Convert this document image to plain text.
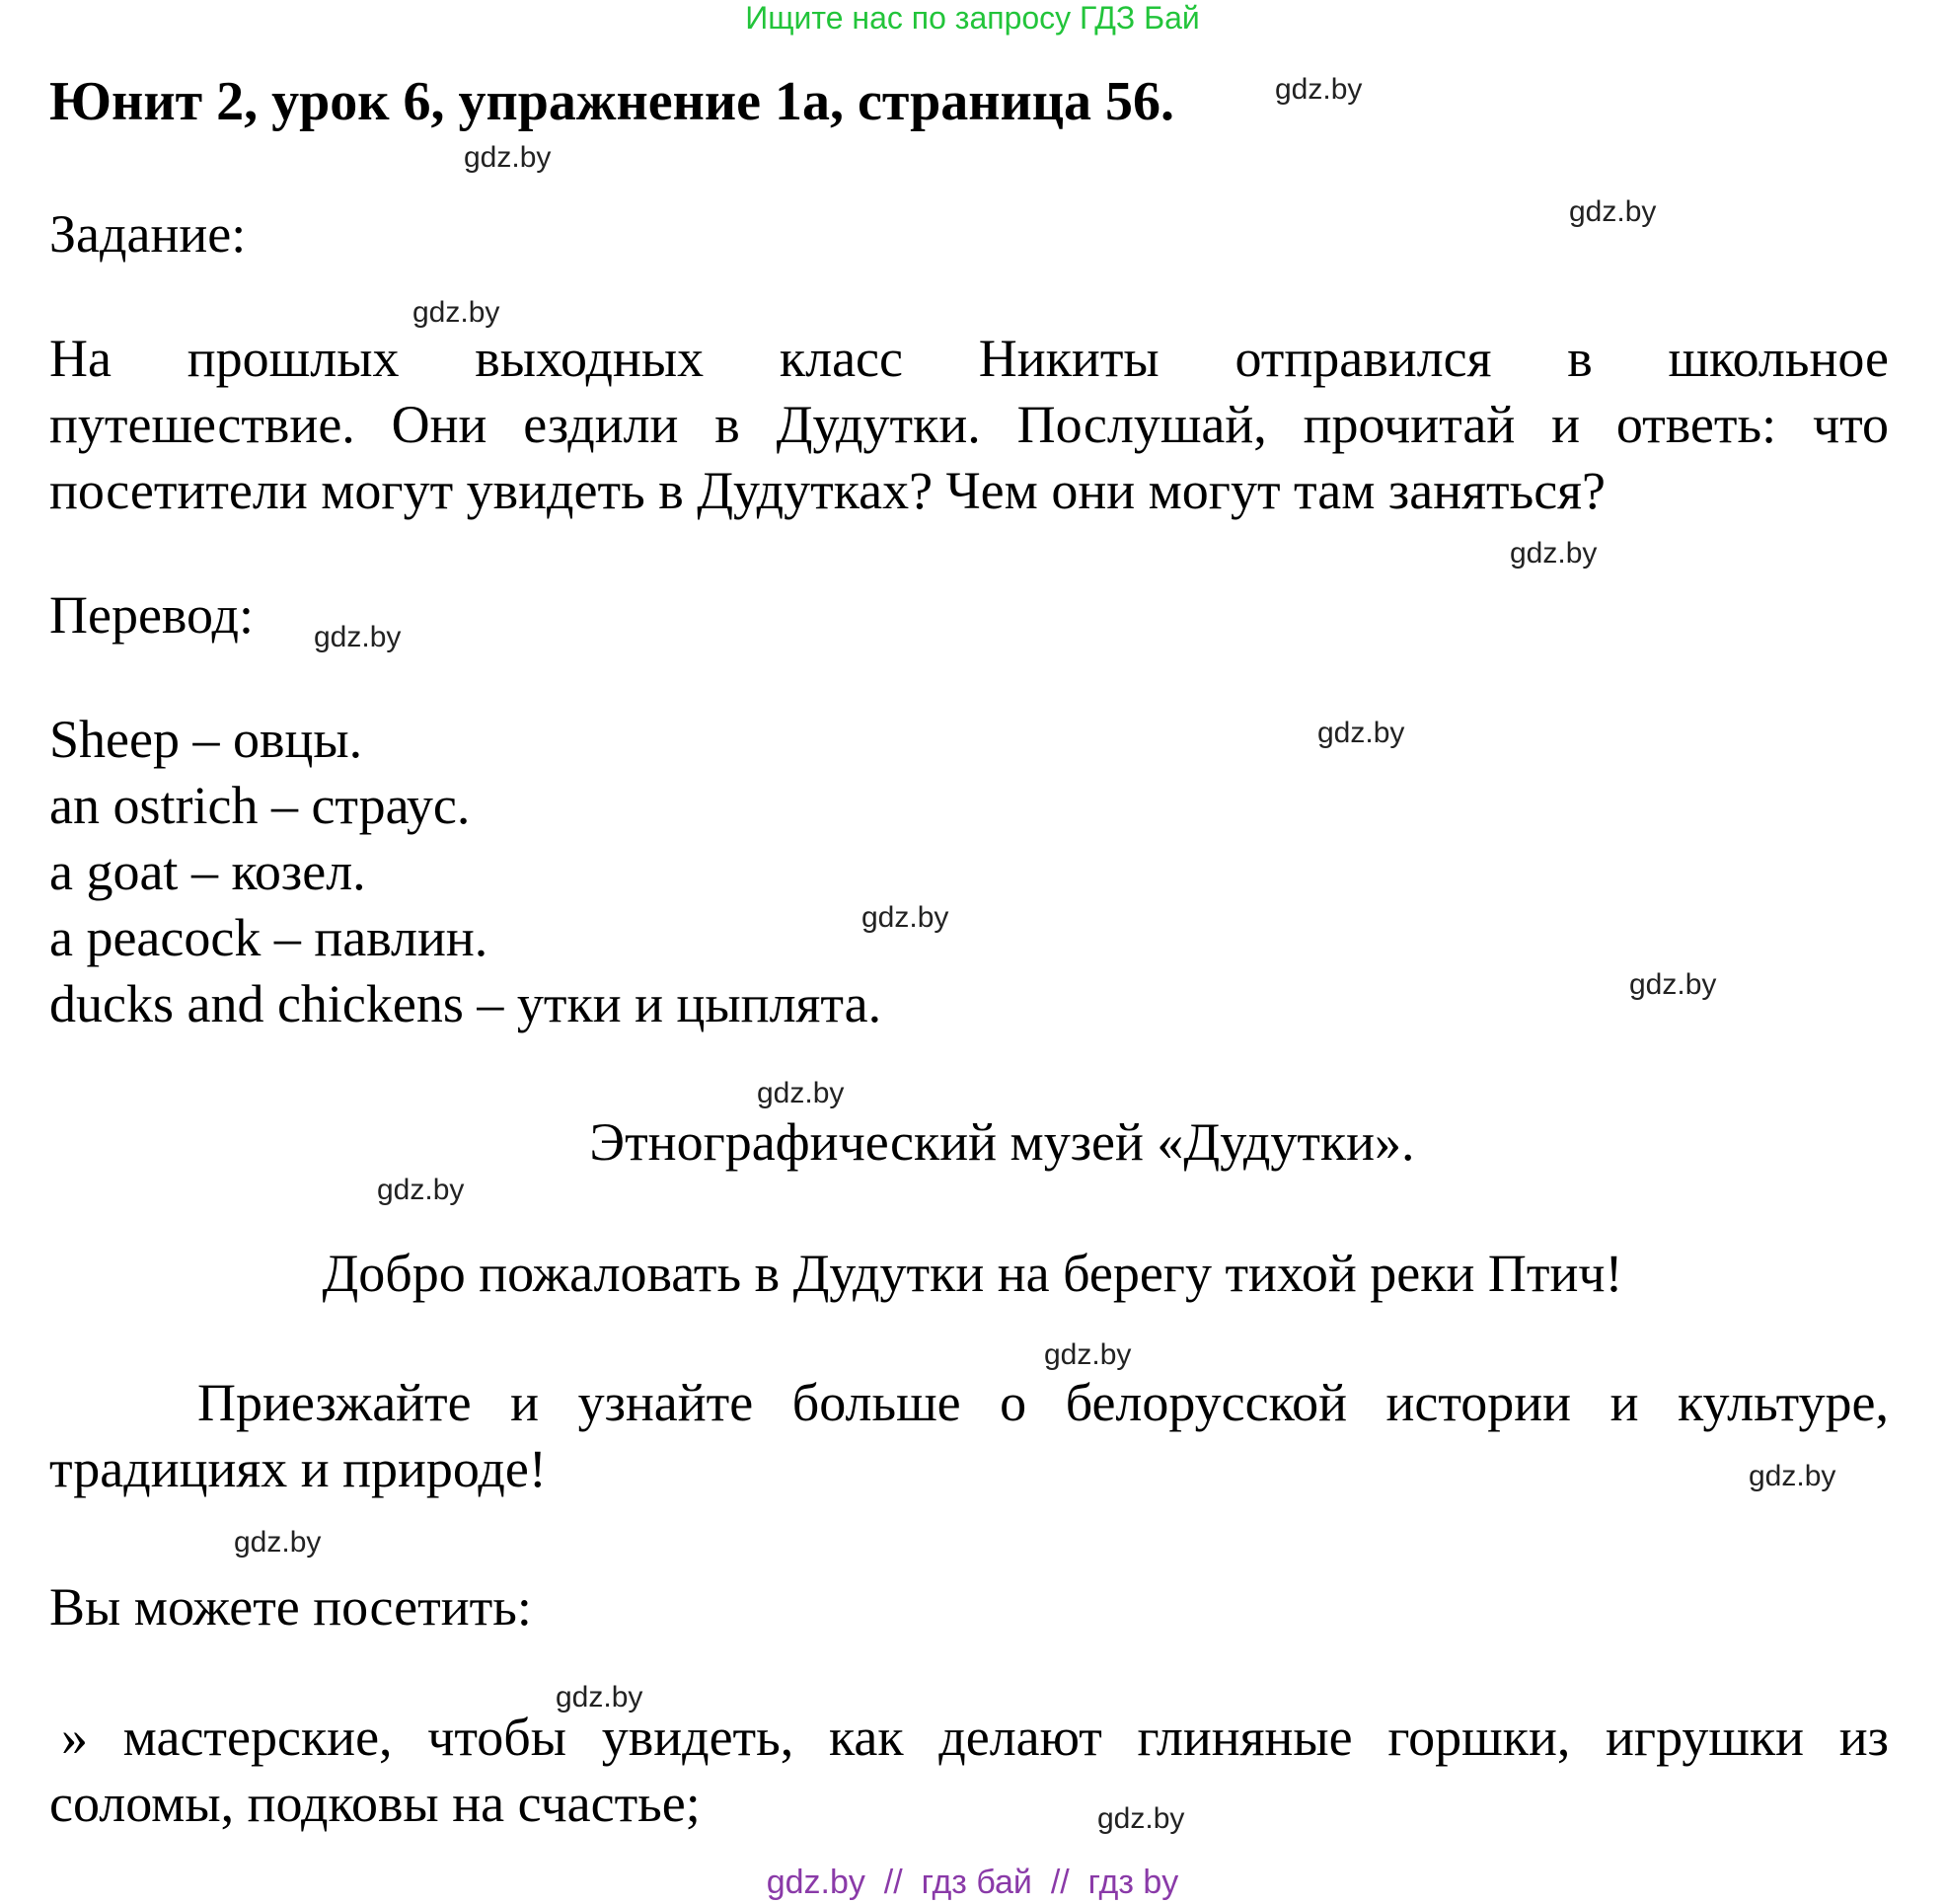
Ищите нас по запросу ГДЗ Бай
Юнит 2, урок 6, упражнение 1а, страница 56.
Задание:
На прошлых выходных класс Никиты отправился в школьное
путешествие. Они ездили в Дудутки. Послушай, прочитай и ответь: что
посетители могут увидеть в Дудутках? Чем они могут там заняться?
Перевод:
Sheep – овцы.
an ostrich – страус.
a goat – козел.
a peacock – павлин.
ducks and chickens – утки и цыплята.
Этнографический музей «Дудутки».
Добро пожаловать в Дудутки на берегу тихой реки Птич!
Приезжайте и узнайте больше о белорусской истории и культуре,
традициях и природе!
Вы можете посетить:
» мастерские, чтобы увидеть, как делают глиняные горшки, игрушки из
соломы, подковы на счастье;
gdz.by
gdz.by
gdz.by
gdz.by
gdz.by
gdz.by
gdz.by
gdz.by
gdz.by
gdz.by
gdz.by
gdz.by
gdz.by
gdz.by
gdz.by
gdz.by
gdz.by  //  гдз бай  //  гдз by
